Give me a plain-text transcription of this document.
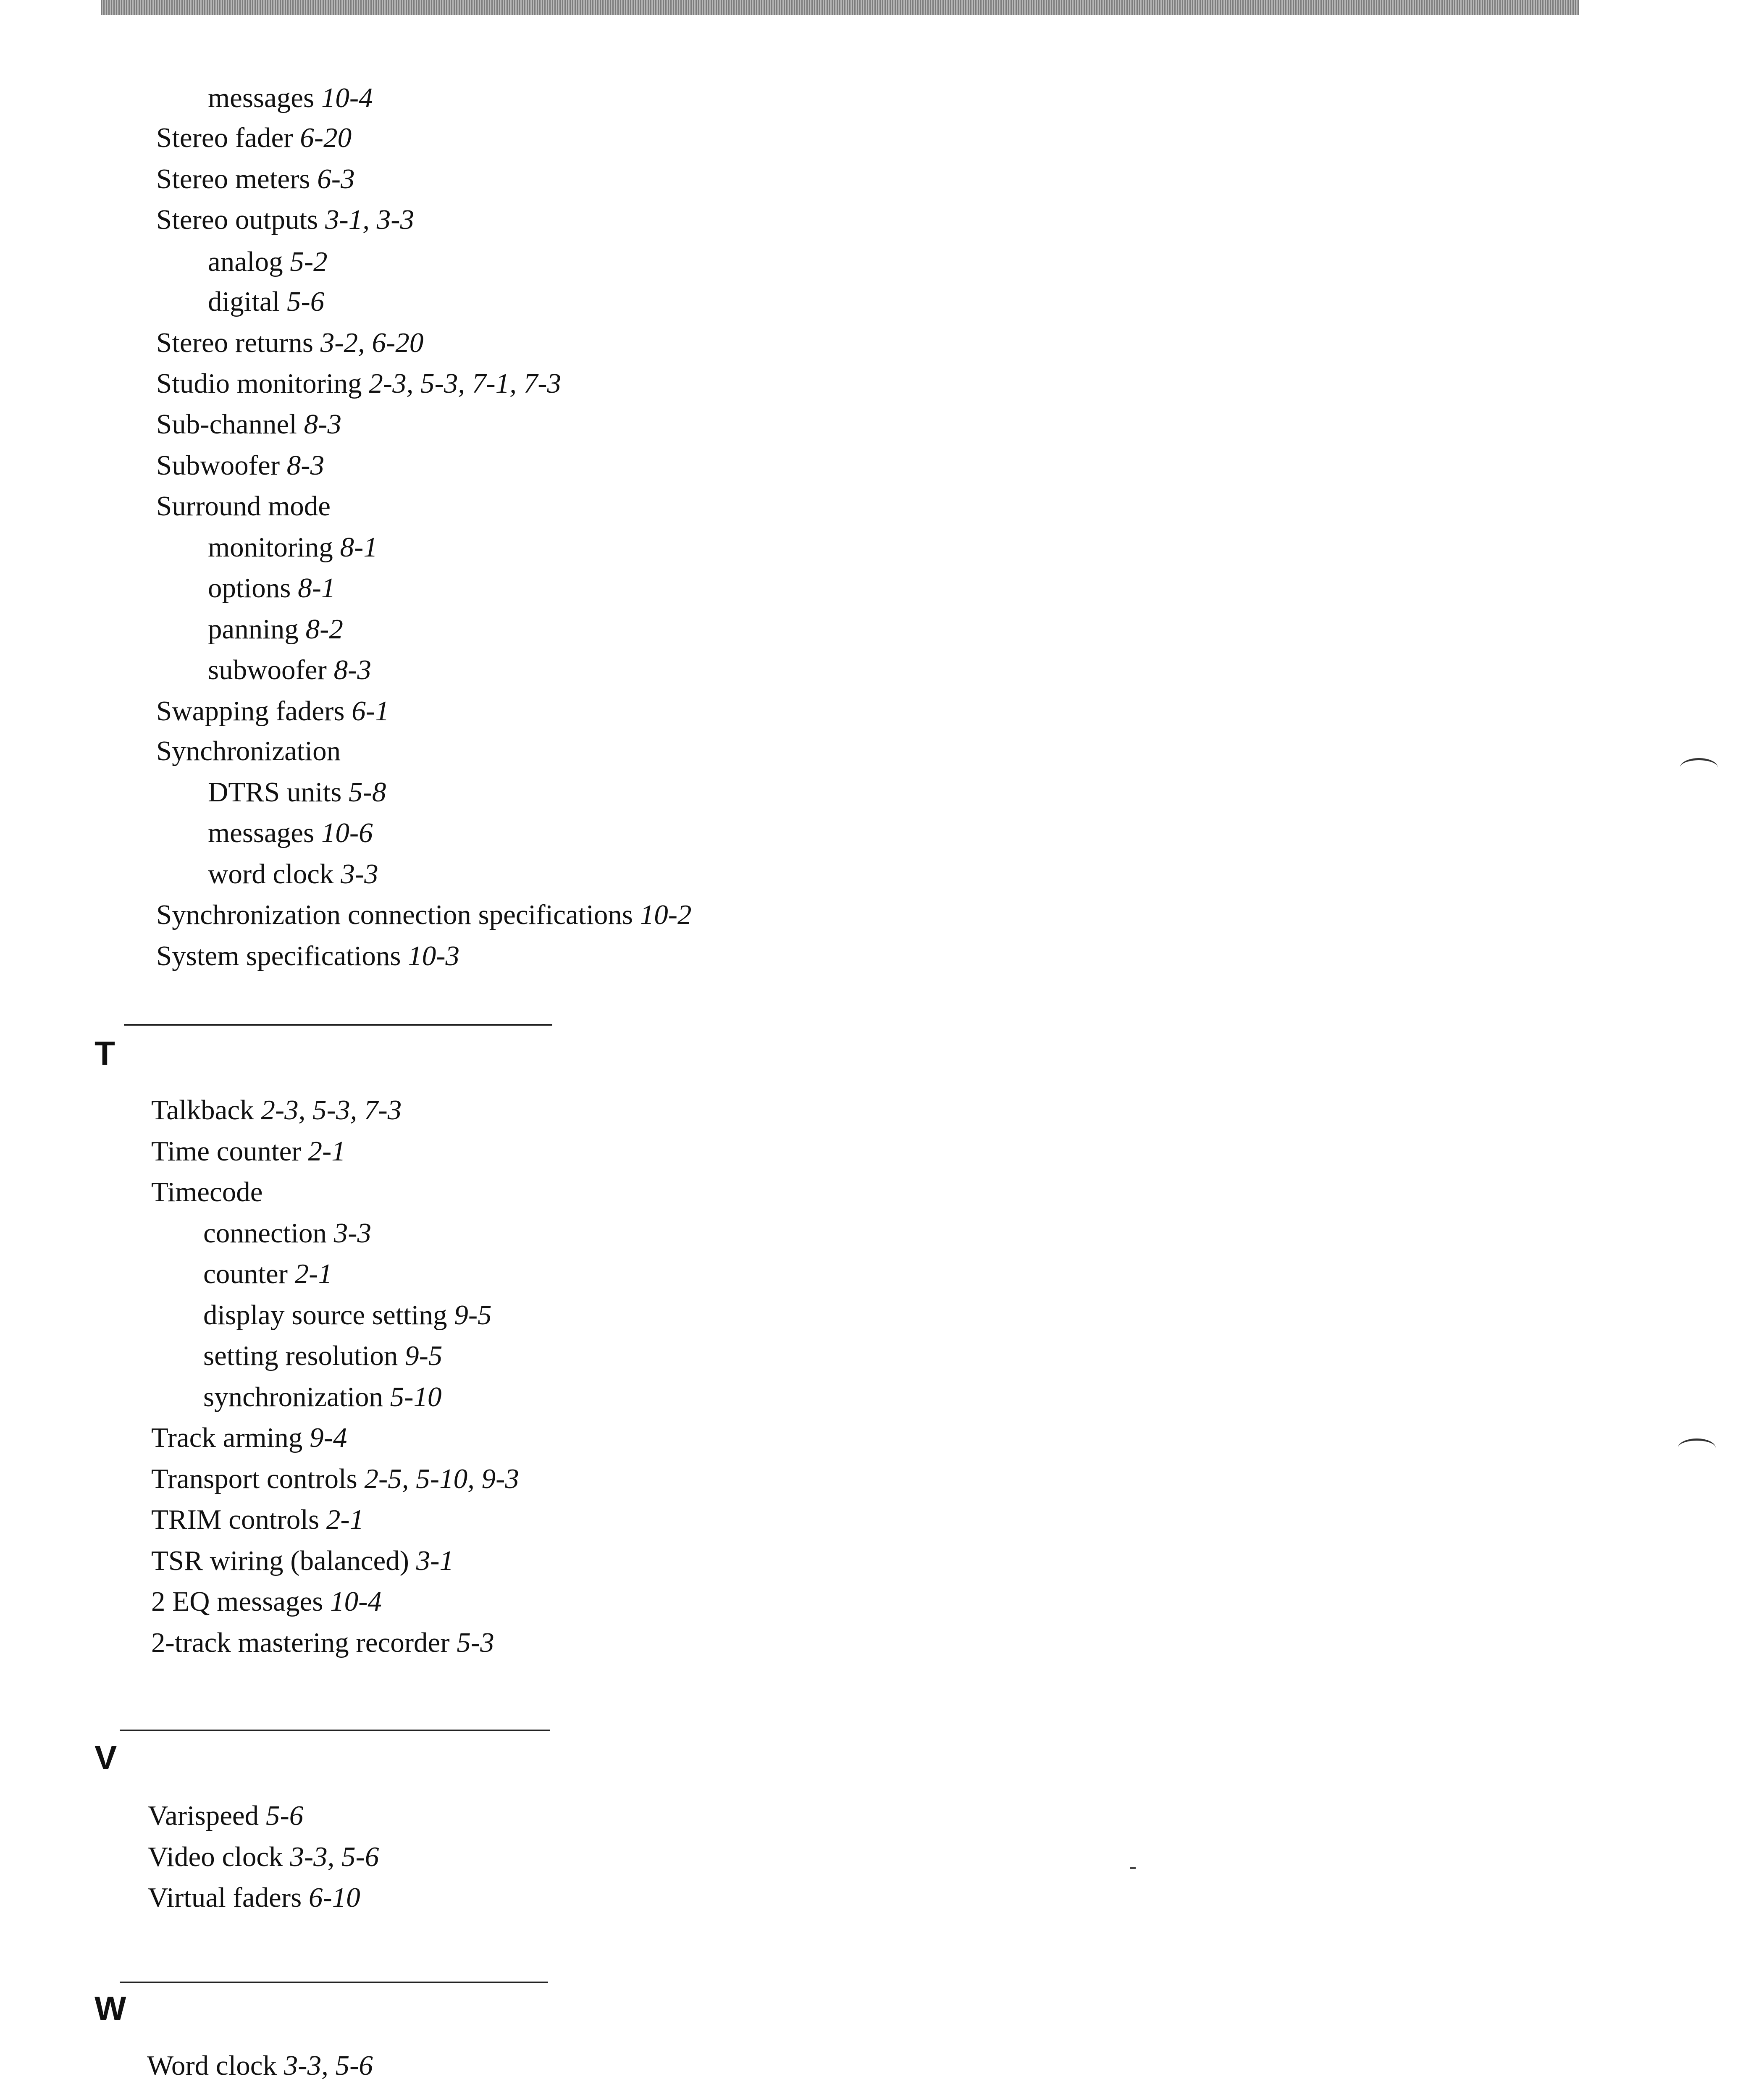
messages 10-4
Stereo fader 6-20
Stereo meters 6-3
Stereo outputs 3-1, 3-3
analog 5-2
digital 5-6
Stereo returns 3-2, 6-20
Studio monitoring 2-3, 5-3, 7-1, 7-3
Sub-channel 8-3
Subwoofer 8-3
Surround mode
monitoring 8-1
options 8-1
panning 8-2
subwoofer 8-3
Swapping faders 6-1
Synchronization
DTRS units 5-8
messages 10-6
word clock 3-3
Synchronization connection specifications 10-2
System specifications 10-3
T
Talkback 2-3, 5-3, 7-3
Time counter 2-1
Timecode
connection 3-3
counter 2-1
display source setting 9-5
setting resolution 9-5
synchronization 5-10
Track arming 9-4
Transport controls 2-5, 5-10, 9-3
TRIM controls 2-1
TSR wiring (balanced) 3-1
2 EQ messages 10-4
2-track mastering recorder 5-3
V
Varispeed 5-6
Video clock 3-3, 5-6
Virtual faders 6-10
W
Word clock 3-3, 5-6
